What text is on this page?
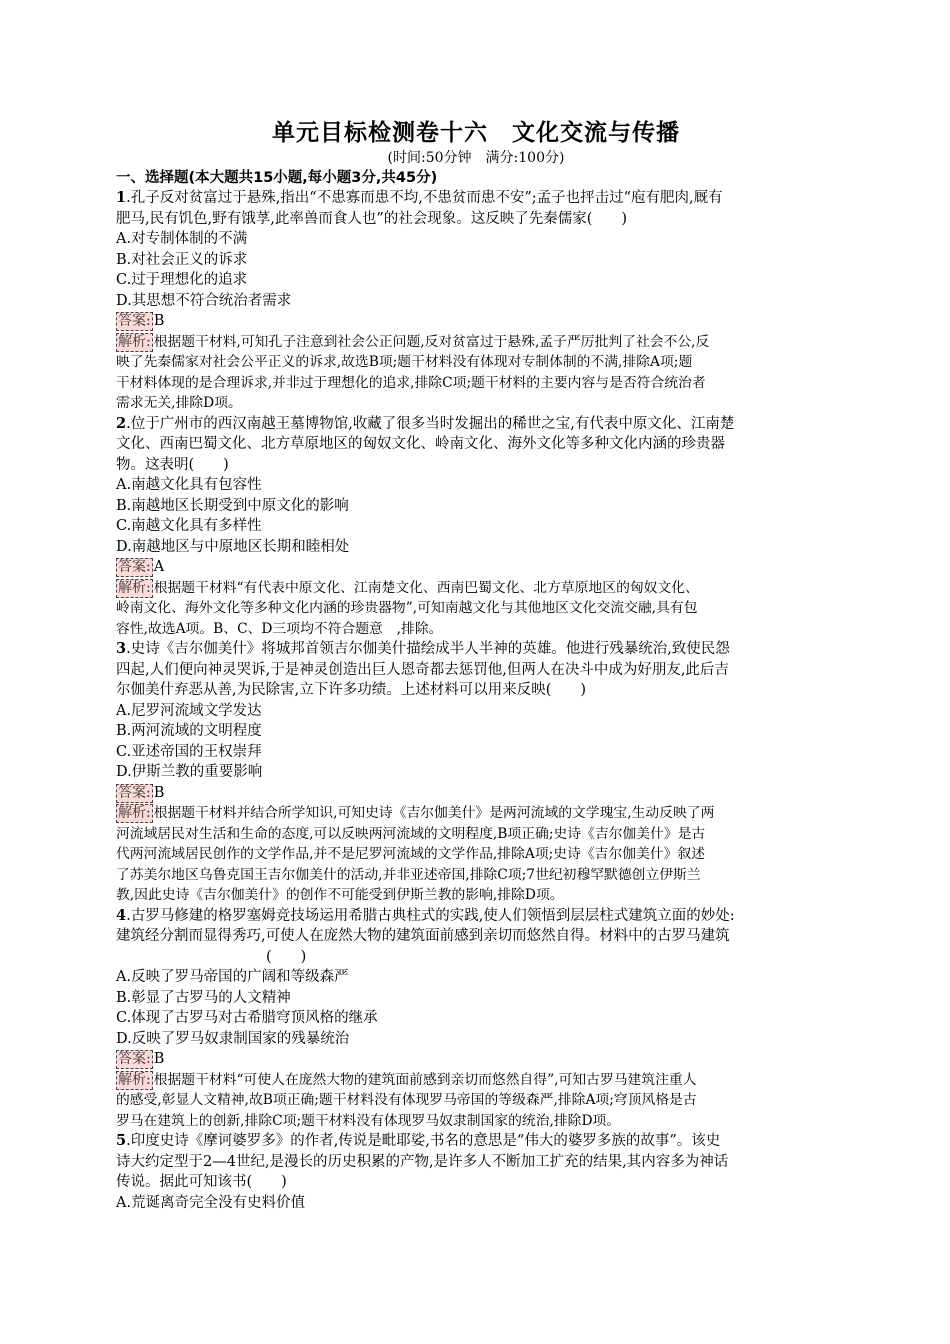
单元目标检测卷十六　文化交流与传播
(时间:50分钟　满分:100分)
一、选择题(本大题共15小题,每小题3分,共45分)
1.孔子反对贫富过于悬殊,指出“不患寡而患不均,不患贫而患不安”;孟子也抨击过“庖有肥肉,厩有
肥马,民有饥色,野有饿莩,此率兽而食人也”的社会现象。这反映了先秦儒家(　　)
A.对专制体制的不满
B.对社会正义的诉求
C.过于理想化的追求
D.其思想不符合统治者需求
答案: B
解析: 根据题干材料,可知孔子注意到社会公正问题,反对贫富过于悬殊,孟子严厉批判了社会不公,反
映了先秦儒家对社会公平正义的诉求,故选B项;题干材料没有体现对专制体制的不满,排除A项;题
干材料体现的是合理诉求,并非过于理想化的追求,排除C项;题干材料的主要内容与是否符合统治者
需求无关,排除D项。
2.位于广州市的西汉南越王墓博物馆,收藏了很多当时发掘出的稀世之宝,有代表中原文化、江南楚
文化、西南巴蜀文化、北方草原地区的匈奴文化、岭南文化、海外文化等多种文化内涵的珍贵器
物。这表明(　　)
A.南越文化具有包容性
B.南越地区长期受到中原文化的影响
C.南越文化具有多样性
D.南越地区与中原地区长期和睦相处
答案: A
解析: 根据题干材料“有代表中原文化、江南楚文化、西南巴蜀文化、北方草原地区的匈奴文化、
岭南文化、海外文化等多种文化内涵的珍贵器物”,可知南越文化与其他地区文化交流交融,具有包
容性,故选A项。B、C、D三项均不符合题意　,排除。
3.史诗《吉尔伽美什》将城邦首领吉尔伽美什描绘成半人半神的英雄。他进行残暴统治,致使民怨
四起,人们便向神灵哭诉,于是神灵创造出巨人恩奇都去惩罚他,但两人在决斗中成为好朋友,此后吉
尔伽美什弃恶从善,为民除害,立下许多功绩。上述材料可以用来反映(　　)
A.尼罗河流域文学发达
B.两河流域的文明程度
C.亚述帝国的王权崇拜
D.伊斯兰教的重要影响
答案: B
解析: 根据题干材料并结合所学知识,可知史诗《吉尔伽美什》是两河流域的文学瑰宝,生动反映了两
河流域居民对生活和生命的态度,可以反映两河流域的文明程度,B项正确;史诗《吉尔伽美什》是古
代两河流域居民创作的文学作品,并不是尼罗河流域的文学作品,排除A项;史诗《吉尔伽美什》叙述
了苏美尔地区乌鲁克国王吉尔伽美什的活动,并非亚述帝国,排除C项;7世纪初穆罕默德创立伊斯兰
教,因此史诗《吉尔伽美什》的创作不可能受到伊斯兰教的影响,排除D项。
4.古罗马修建的格罗塞姆竞技场运用希腊古典柱式的实践,使人们领悟到层层柱式建筑立面的妙处:
建筑经分割而显得秀巧,可使人在庞然大物的建筑面前感到亲切而悠然自得。材料中的古罗马建筑
(　　)
A.反映了罗马帝国的广阔和等级森严
B.彰显了古罗马的人文精神
C.体现了古罗马对古希腊穹顶风格的继承
D.反映了罗马奴隶制国家的残暴统治
答案: B
解析: 根据题干材料“可使人在庞然大物的建筑面前感到亲切而悠然自得”,可知古罗马建筑注重人
的感受,彰显人文精神,故B项正确;题干材料没有体现罗马帝国的等级森严,排除A项;穹顶风格是古
罗马在建筑上的创新,排除C项;题干材料没有体现罗马奴隶制国家的统治,排除D项。
5.印度史诗《摩诃婆罗多》的作者,传说是毗耶娑,书名的意思是“伟大的婆罗多族的故事”。该史
诗大约定型于2—4世纪,是漫长的历史积累的产物,是许多人不断加工扩充的结果,其内容多为神话
传说。据此可知该书(　　)
A.荒诞离奇完全没有史料价值
